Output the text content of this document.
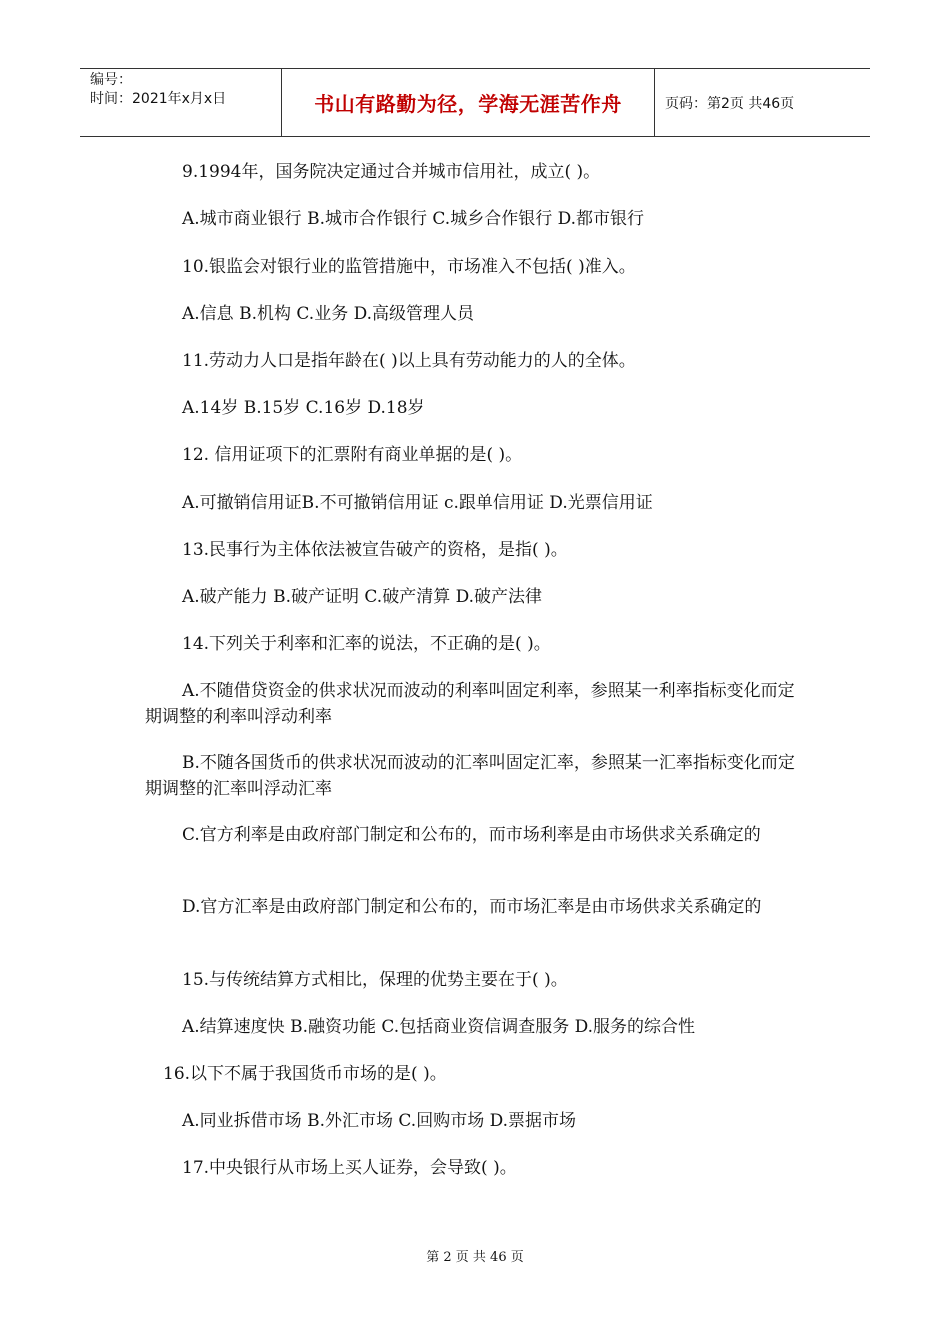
编号：
时间：2021年x月x日	书山有路勤为径，学海无涯苦作舟	页码：第2页 共46页
9.1994年，国务院决定通过合并城市信用社，成立( )。
A.城市商业银行 B.城市合作银行 C.城乡合作银行 D.都市银行
10.银监会对银行业的监管措施中，市场准入不包括( )准入。
A.信息 B.机构 C.业务 D.高级管理人员
11.劳动力人口是指年龄在( )以上具有劳动能力的人的全体。
A.14岁 B.15岁 C.16岁 D.18岁
12. 信用证项下的汇票附有商业单据的是( )。
A.可撤销信用证B.不可撤销信用证 c.跟单信用证 D.光票信用证
13.民事行为主体依法被宣告破产的资格，是指( )。
A.破产能力 B.破产证明 C.破产清算 D.破产法律
14.下列关于利率和汇率的说法，不正确的是( )。
A.不随借贷资金的供求状况而波动的利率叫固定利率，参照某一利率指标变化而定期调整的利率叫浮动利率
B.不随各国货币的供求状况而波动的汇率叫固定汇率，参照某一汇率指标变化而定期调整的汇率叫浮动汇率
C.官方利率是由政府部门制定和公布的，而市场利率是由市场供求关系确定的
D.官方汇率是由政府部门制定和公布的，而市场汇率是由市场供求关系确定的
15.与传统结算方式相比，保理的优势主要在于( )。
A.结算速度快 B.融资功能 C.包括商业资信调查服务 D.服务的综合性
16.以下不属于我国货币市场的是( )。
A.同业拆借市场 B.外汇市场 C.回购市场 D.票据市场
17.中央银行从市场上买人证券，会导致( )。
第 2 页 共 46 页
